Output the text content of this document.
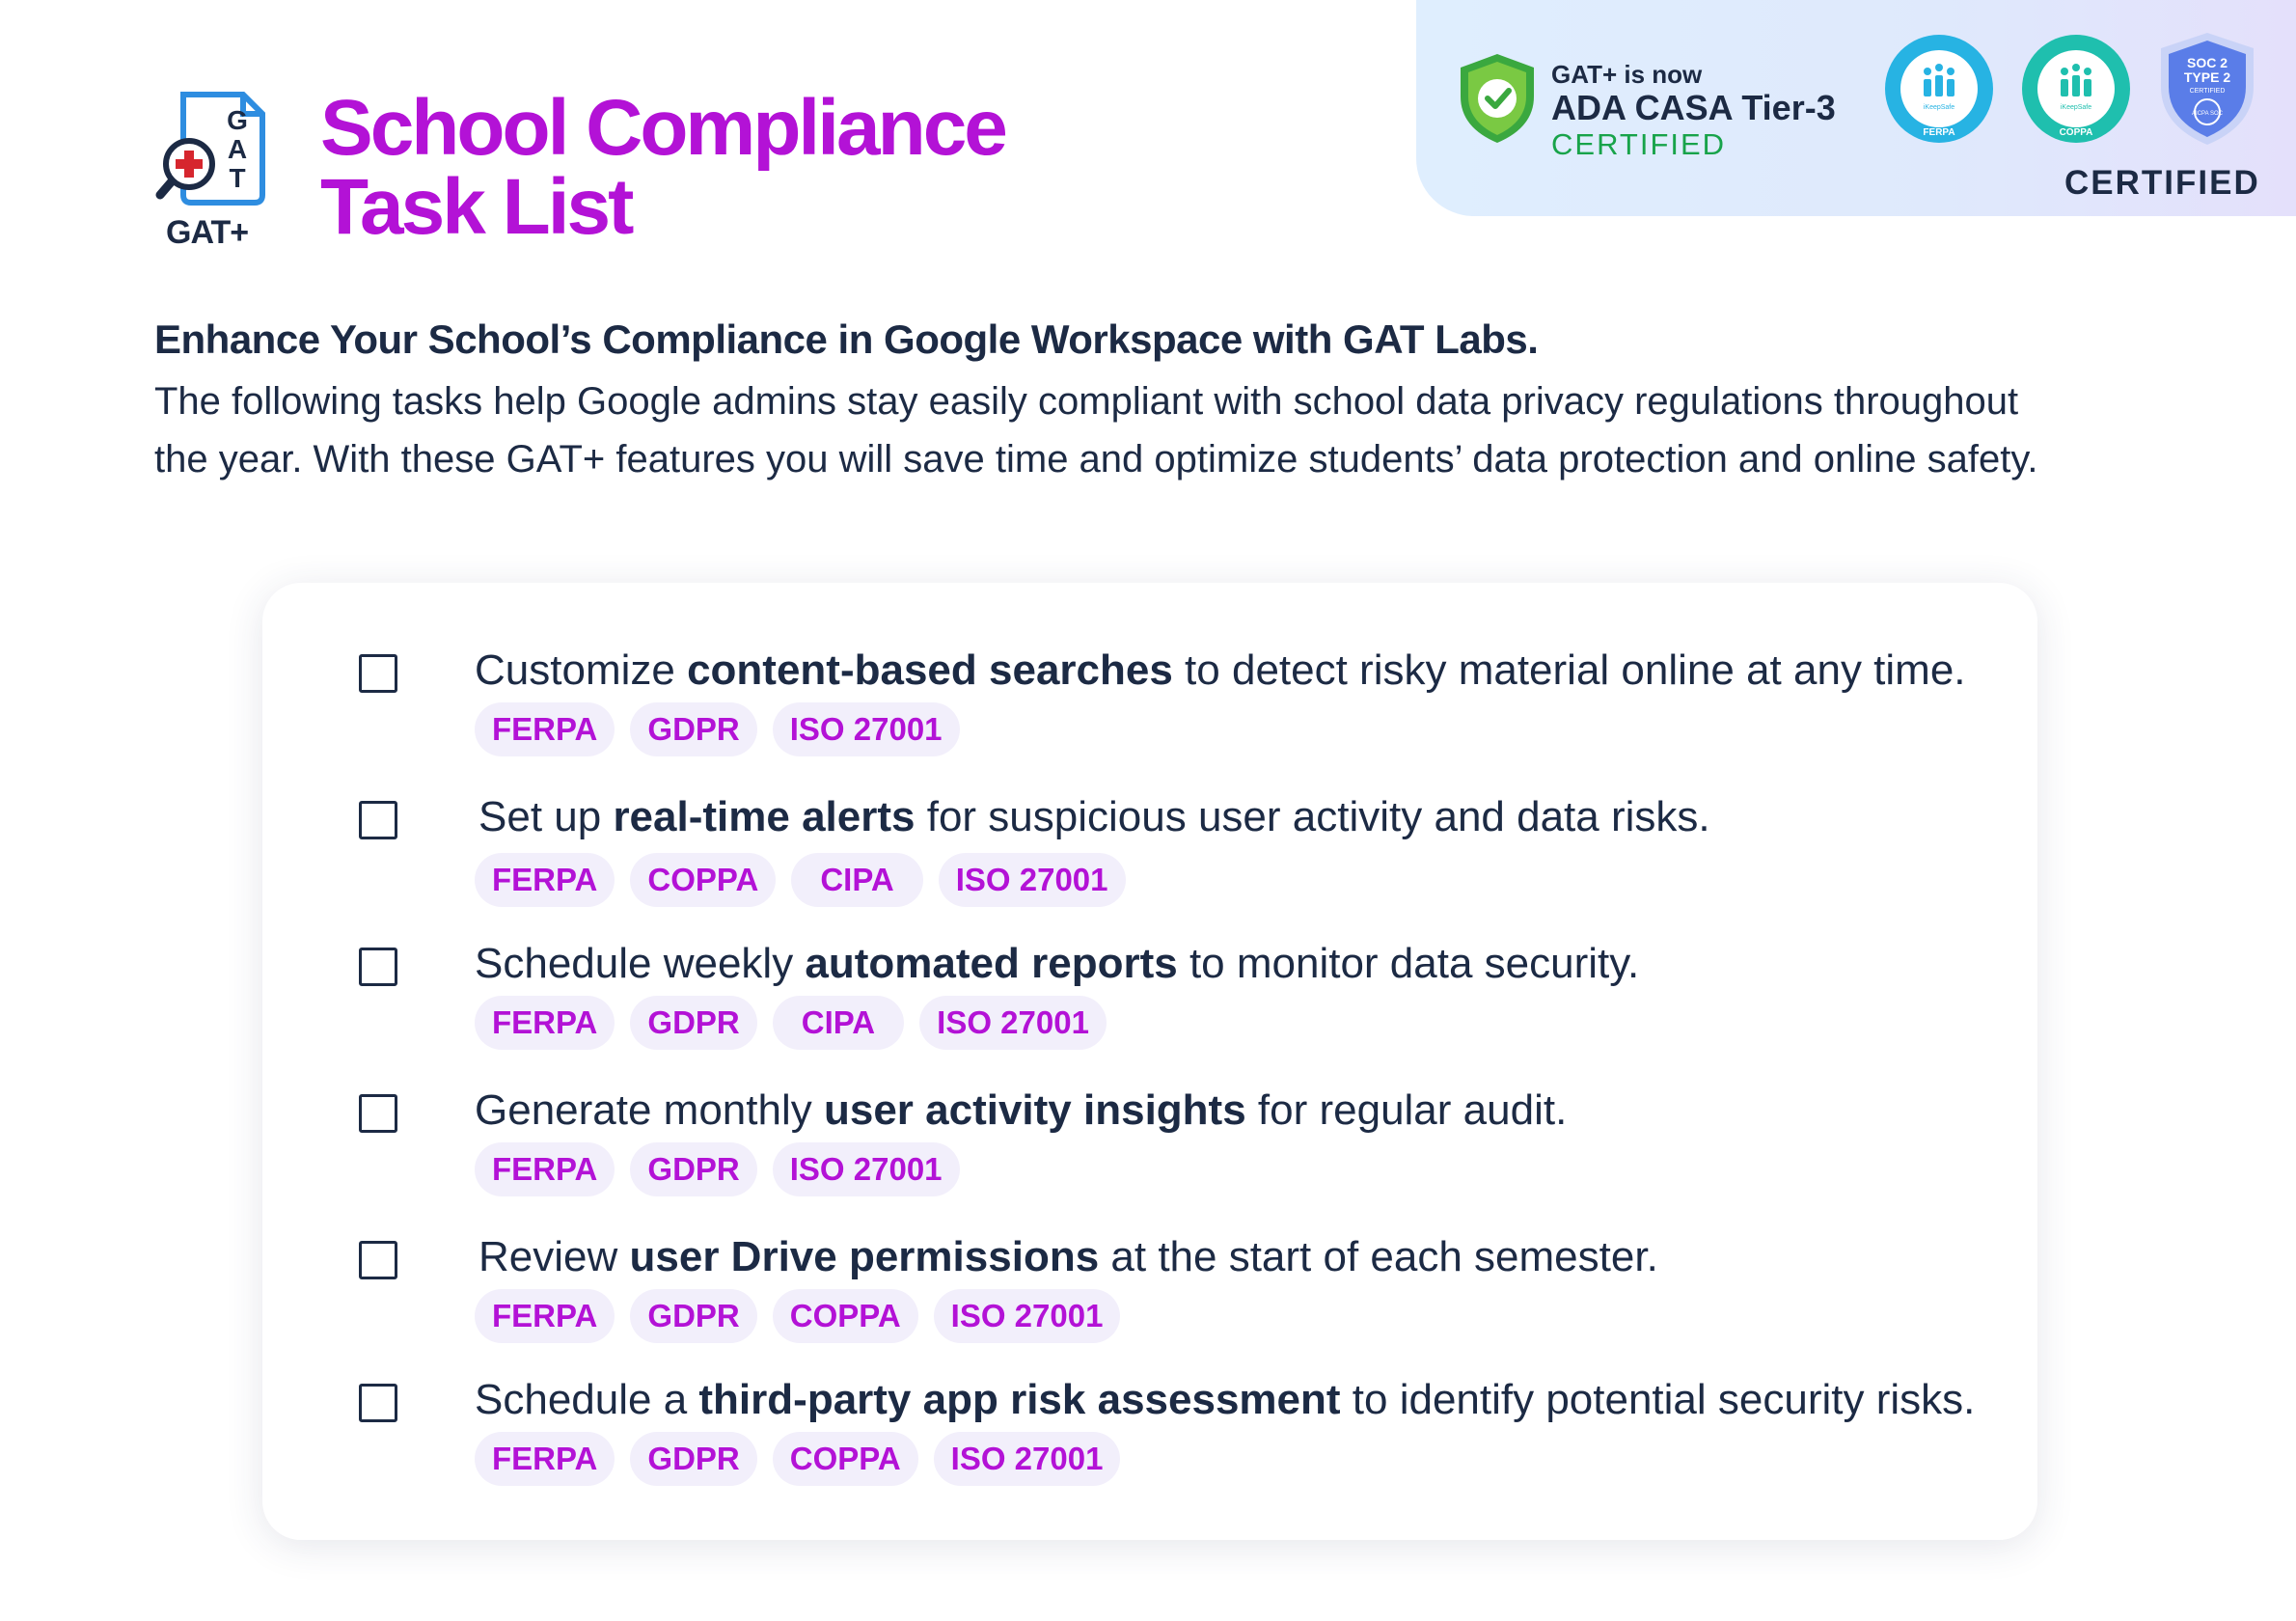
G
A
T
GAT+
School Compliance
Task List
GAT+ is now
ADA CASA Tier-3
CERTIFIED
iKeepSafe
FERPA
iKeepSafe
COPPA
SOC 2
TYPE 2
CERTIFIED
AICPA SOC
CERTIFIED
Enhance Your School’s Compliance in Google Workspace with GAT Labs.
The following tasks help Google admins stay easily compliant with school data privacy regulations throughout the year. With these GAT+ features you will save time and optimize students’ data protection and online safety.
Customize content-based searches to detect risky material online at any time.
FERPA	GDPR	ISO 27001
Set up real-time alerts for suspicious user activity and data risks.
FERPA	COPPA	CIPA	ISO 27001
Schedule weekly automated reports to monitor data security.
FERPA	GDPR	CIPA	ISO 27001
Generate monthly user activity insights for regular audit.
FERPA	GDPR	ISO 27001
Review user Drive permissions at the start of each semester.
FERPA	GDPR	COPPA	ISO 27001
Schedule a third-party app risk assessment to identify potential security risks.
FERPA	GDPR	COPPA	ISO 27001
